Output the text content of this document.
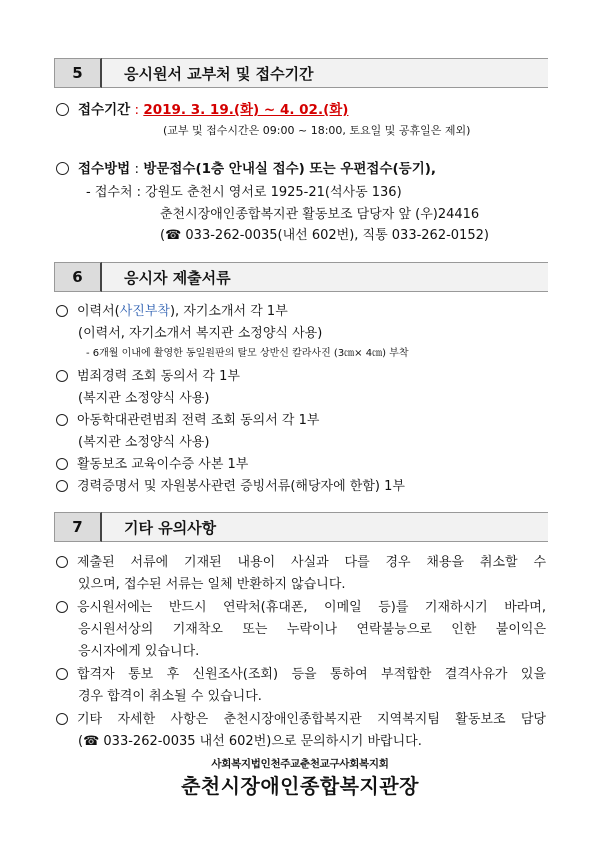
5	응시원서 교부처 및 접수기간
접수기간 : 2019. 3. 19.(화) ~ 4. 02.(화)
(교부 및 접수시간은 09:00 ~ 18:00, 토요일 및 공휴일은 제외)
접수방법 : 방문접수(1층 안내실 접수) 또는 우편접수(등기),
- 접수처 : 강원도 춘천시 영서로 1925-21(석사동 136)
춘천시장애인종합복지관 활동보조 담당자 앞 (우)24416
(☎ 033-262-0035(내선 602번), 직통 033-262-0152)
6	응시자 제출서류
이력서(사진부착), 자기소개서 각 1부
(이력서, 자기소개서 복지관 소정양식 사용)
- 6개월 이내에 촬영한 동일원판의 탈모 상반신 칼라사진 (3㎝× 4㎝) 부착
범죄경력 조회 동의서 각 1부
(복지관 소정양식 사용)
아동학대관련범죄 전력 조회 동의서 각 1부
(복지관 소정양식 사용)
활동보조 교육이수증 사본 1부
경력증명서 및 자원봉사관련 증빙서류(해당자에 한함) 1부
7	기타 유의사항
제출된 서류에 기재된 내용이 사실과 다를 경우 채용을 취소할 수
있으며, 접수된 서류는 일체 반환하지 않습니다.
응시원서에는 반드시 연락처(휴대폰, 이메일 등)를 기재하시기 바라며,
응시원서상의 기재착오 또는 누락이나 연락불능으로 인한 불이익은
응시자에게 있습니다.
합격자 통보 후 신원조사(조회) 등을 통하여 부적합한 결격사유가 있을
경우 합격이 취소될 수 있습니다.
기타 자세한 사항은 춘천시장애인종합복지관 지역복지팀 활동보조 담당
(☎ 033-262-0035 내선 602번)으로 문의하시기 바랍니다.
사회복지법인천주교춘천교구사회복지회
춘천시장애인종합복지관장
